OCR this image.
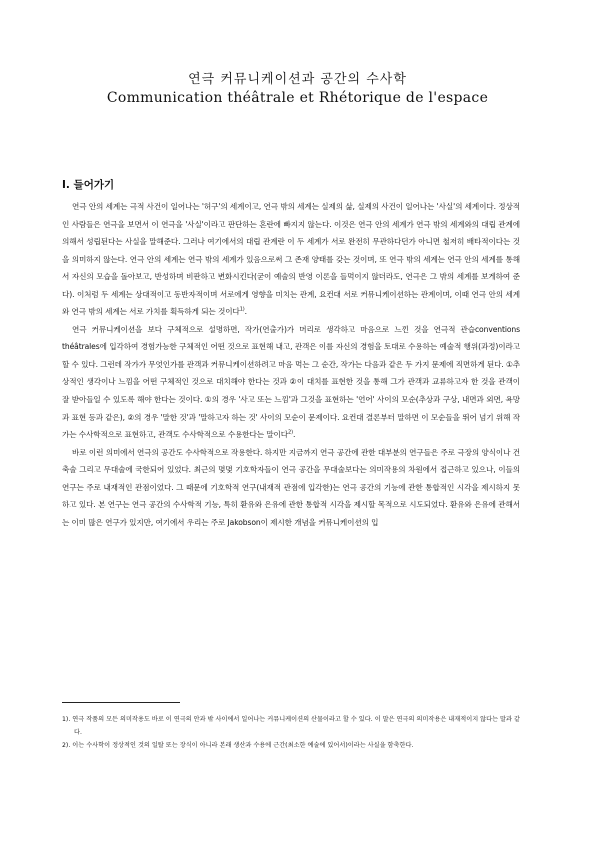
연극 커뮤니케이션과 공간의 수사학
Communication théâtrale et Rhétorique de l'espace
I. 들어가기

연극 안의 세계는 극적 사건이 일어나는 '허구'의 세계이고, 연극 밖의 세계는 실제의 삶, 실제의 사건이 일어나는 '사실'의 세계이다. 정상적인 사람들은 연극을 보면서 이 연극을 '사실'이라고 판단하는 혼란에 빠지지 않는다. 이것은 연극 안의 세계가 연극 밖의 세계와의 대립 관계에 의해서 성립된다는 사실을 말해준다. 그러나 여기에서의 대립 관계란 이 두 세계가 서로 완전히 무관하다던가 아니면 철저히 배타적이다는 것을 의미하지 않는다. 연극 안의 세계는 연극 밖의 세계가 있음으로써 그 존재 양태를 갖는 것이며, 또 연극 밖의 세계는 연극 안의 세계를 통해서 자신의 모습을 돌아보고, 반성하며 비판하고 변화시킨다(굳이 예술의 반영 이론을 들먹이지 않더라도, 연극은 그 밖의 세계를 보게하여 준다). 이처럼 두 세계는 상대적이고 동반자적이며 서로에게 영향을 미치는 관계, 요컨대 서로 커뮤니케이션하는 관계이며, 이때 연극 안의 세계와 연극 밖의 세계는 서로 가치를 획득하게 되는 것이다$^{1)}$.

연극 커뮤니케이션을 보다 구체적으로 설명하면, 작가(연출가)가 머리로 생각하고 마음으로 느낀 것을 연극적 관습conventions théâtrales에 입각하여 경험가능한 구체적인 어떤 것으로 표현해 내고, 관객은 이를 자신의 경험을 토대로 수용하는 예술적 행위(과정)이라고 할 수 있다. 그런데 작가가 무엇인가를 관객과 커뮤니케이션하려고 마음 먹는 그 순간, 작가는 다음과 같은 두 가지 문제에 직면하게 된다. ①추상적인 생각이나 느낌을 어떤 구체적인 것으로 대치해야 한다는 것과 ②이 대치를 표현한 것을 통해 그가 관객과 교류하고자 한 것을 관객이 잘 받아들일 수 있도록 해야 한다는 것이다. ①의 경우 '사고 또는 느낌'과 그것을 표현하는 '언어' 사이의 모순(추상과 구상, 내면과 외면, 욕망과 표현 등과 같은), ②의 경우 '말한 것'과 '말하고자 하는 것' 사이의 모순이 문제이다. 요컨대 결론부터 말하면 이 모순들을 뛰어 넘기 위해 작가는 수사학적으로 표현하고, 관객도 수사학적으로 수용한다는 말이다$^{2)}$.

바로 이런 의미에서 연극의 공간도 수사학적으로 작용한다. 하지만 지금까지 연극 공간에 관한 대부분의 연구들은 주로 극장의 양식이나 건축술 그리고 무대술에 국한되어 있었다. 최근의 몇몇 기호학자들이 연극 공간을 무대술보다는 의미작용의 차원에서 접근하고 있으나, 이들의 연구는 주로 내재적인 관점이었다. 그 때문에 기호학적 연구(내재적 관점에 입각한)는 연극 공간의 기능에 관한 통합적인 시각을 제시하지 못하고 있다. 본 연구는 연극 공간의 수사학적 기능, 특히 환유와 은유에 관한 통합적 시각을 제시할 목적으로 시도되었다. 환유와 은유에 관해서는 이미 많은 연구가 있지만, 여기에서 우리는 주로 Jakobson이 제시한 개념을 커뮤니케이션의 입

1). 연극 작품의 모든 의미작용도 바로 이 연극의 안과 밖 사이에서 일어나는 커뮤니케이션의 산물이라고 할 수 있다. 이 말은 연극의 의미작용은 내재적이지 않다는 말과 같다.

2). 이는 수사학이 정상적인 것의 일탈 또는 장식이 아니라 본래 생산과 수용에 근간(최소한 예술에 있어서)이라는 사실을 함축한다.
